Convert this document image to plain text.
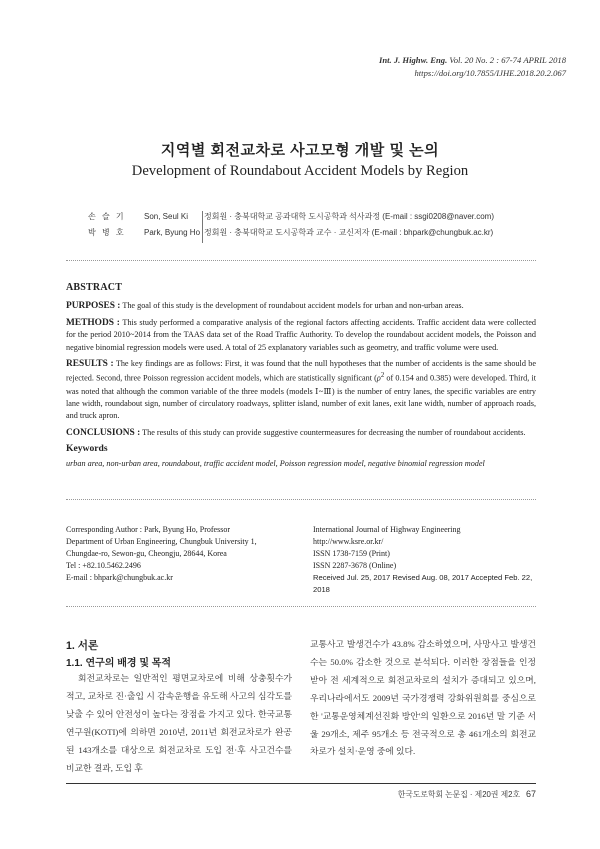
Int. J. Highw. Eng. Vol. 20 No. 2 : 67-74 APRIL 2018
https://doi.org/10.7855/IJHE.2018.20.2.067
지역별 회전교차로 사고모형 개발 및 논의
Development of Roundabout Accident Models by Region
손 슬 기 Son, Seul Ki 정회원 · 충북대학교 공과대학 도시공학과 석사과정 (E-mail : ssgi0208@naver.com)
박 병 호 Park, Byung Ho 정회원 · 충북대학교 도시공학과 교수 · 교신저자 (E-mail : bhpark@chungbuk.ac.kr)
ABSTRACT

PURPOSES : The goal of this study is the development of roundabout accident models for urban and non-urban areas.

METHODS : This study performed a comparative analysis of the regional factors affecting accidents. Traffic accident data were collected for the period 2010~2014 from the TAAS data set of the Road Traffic Authority. To develop the roundabout accident models, the Poisson and negative binomial regression models were used. A total of 25 explanatory variables such as geometry, and traffic volume were used.

RESULTS : The key findings are as follows: First, it was found that the null hypotheses that the number of accidents is the same should be rejected. Second, three Poisson regression accident models, which are statistically significant ($\rho^2$ of 0.154 and 0.385) were developed. Third, it was noted that although the common variable of the three models (models Ⅰ~Ⅲ) is the number of entry lanes, the specific variables are entry lane width, roundabout sign, number of circulatory roadways, splitter island, number of exit lanes, exit lane width, number of approach roads, and truck apron.

CONCLUSIONS : The results of this study can provide suggestive countermeasures for decreasing the number of roundabout accidents.

Keywords
urban area, non-urban area, roundabout, traffic accident model, Poisson regression model, negative binomial regression model
Corresponding Author : Park, Byung Ho, Professor
Department of Urban Engineering, Chungbuk University 1,
Chungdae-ro, Sewon-gu, Cheongju, 28644, Korea
Tel : +82.10.5462.2496
E-mail : bhpark@chungbuk.ac.kr
International Journal of Highway Engineering
http://www.ksre.or.kr/
ISSN 1738-7159 (Print)
ISSN 2287-3678 (Online)
Received Jul. 25, 2017 Revised Aug. 08, 2017 Accepted Feb. 22, 2018
1. 서론
1.1. 연구의 배경 및 목적
회전교차로는 일반적인 평면교차로에 비해 상충횟수가 적고, 교차로 진·출입 시 감속운행을 유도해 사고의 심각도를 낮출 수 있어 안전성이 높다는 장점을 가지고 있다. 한국교통연구원(KOTI)에 의하면 2010년, 2011년 회전교차로가 완공된 143개소를 대상으로 회전교차로 도입 전·후 사고건수를 비교한 결과, 도입 후
교통사고 발생건수가 43.8% 감소하였으며, 사망사고 발생건수는 50.0% 감소한 것으로 분석되다. 이러한 장점들을 인정받아 전 세계적으로 회전교차로의 설치가 증대되고 있으며, 우리나라에서도 2009년 국가경쟁력 강화위원회를 중심으로 한 '교통운영체계선진화 방안'의 일환으로 2016년 말 기준 서울 29개소, 제주 95개소 등 전국적으로 총 461개소의 회전교차로가 설치·운영 중에 있다.
한국도로학회 논문집 · 제20권 제2호 67
